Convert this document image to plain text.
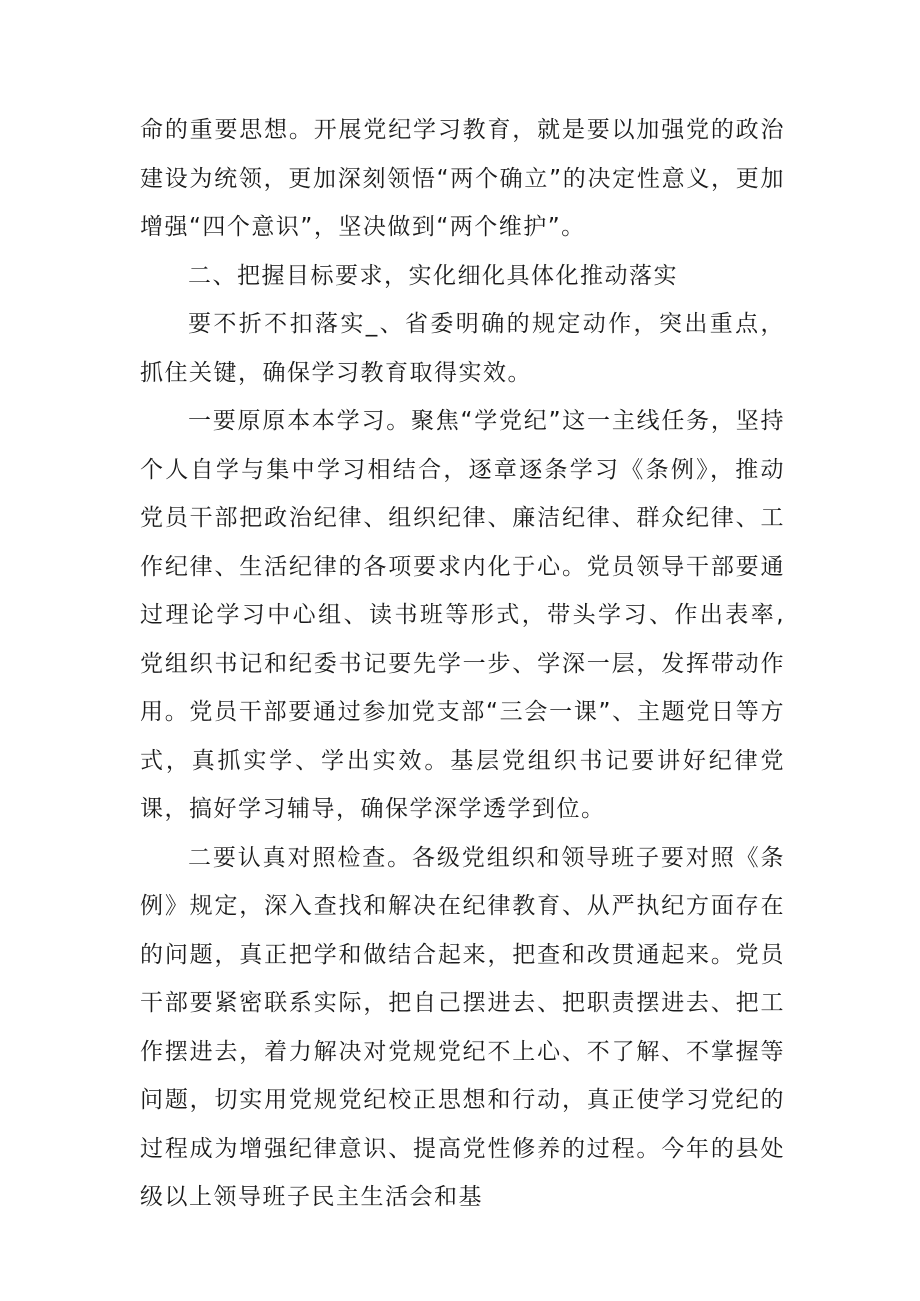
命的重要思想。开展党纪学习教育，就是要以加强党的政治建设为统领，更加深刻领悟“两个确立”的决定性意义，更加增强“四个意识”，坚决做到“两个维护”。

二、把握目标要求，实化细化具体化推动落实

要不折不扣落实_、省委明确的规定动作，突出重点，抓住关键，确保学习教育取得实效。

一要原原本本学习。聚焦“学党纪”这一主线任务，坚持个人自学与集中学习相结合，逐章逐条学习《条例》，推动党员干部把政治纪律、组织纪律、廉洁纪律、群众纪律、工作纪律、生活纪律的各项要求内化于心。党员领导干部要通过理论学习中心组、读书班等形式，带头学习、作出表率,党组织书记和纪委书记要先学一步、学深一层，发挥带动作用。党员干部要通过参加党支部“三会一课”、主题党日等方式，真抓实学、学出实效。基层党组织书记要讲好纪律党课，搞好学习辅导，确保学深学透学到位。

二要认真对照检查。各级党组织和领导班子要对照《条例》规定，深入查找和解决在纪律教育、从严执纪方面存在的问题，真正把学和做结合起来，把查和改贯通起来。党员干部要紧密联系实际，把自己摆进去、把职责摆进去、把工作摆进去，着力解决对党规党纪不上心、不了解、不掌握等问题，切实用党规党纪校正思想和行动，真正使学习党纪的过程成为增强纪律意识、提高党性修养的过程。今年的县处级以上领导班子民主生活会和基
